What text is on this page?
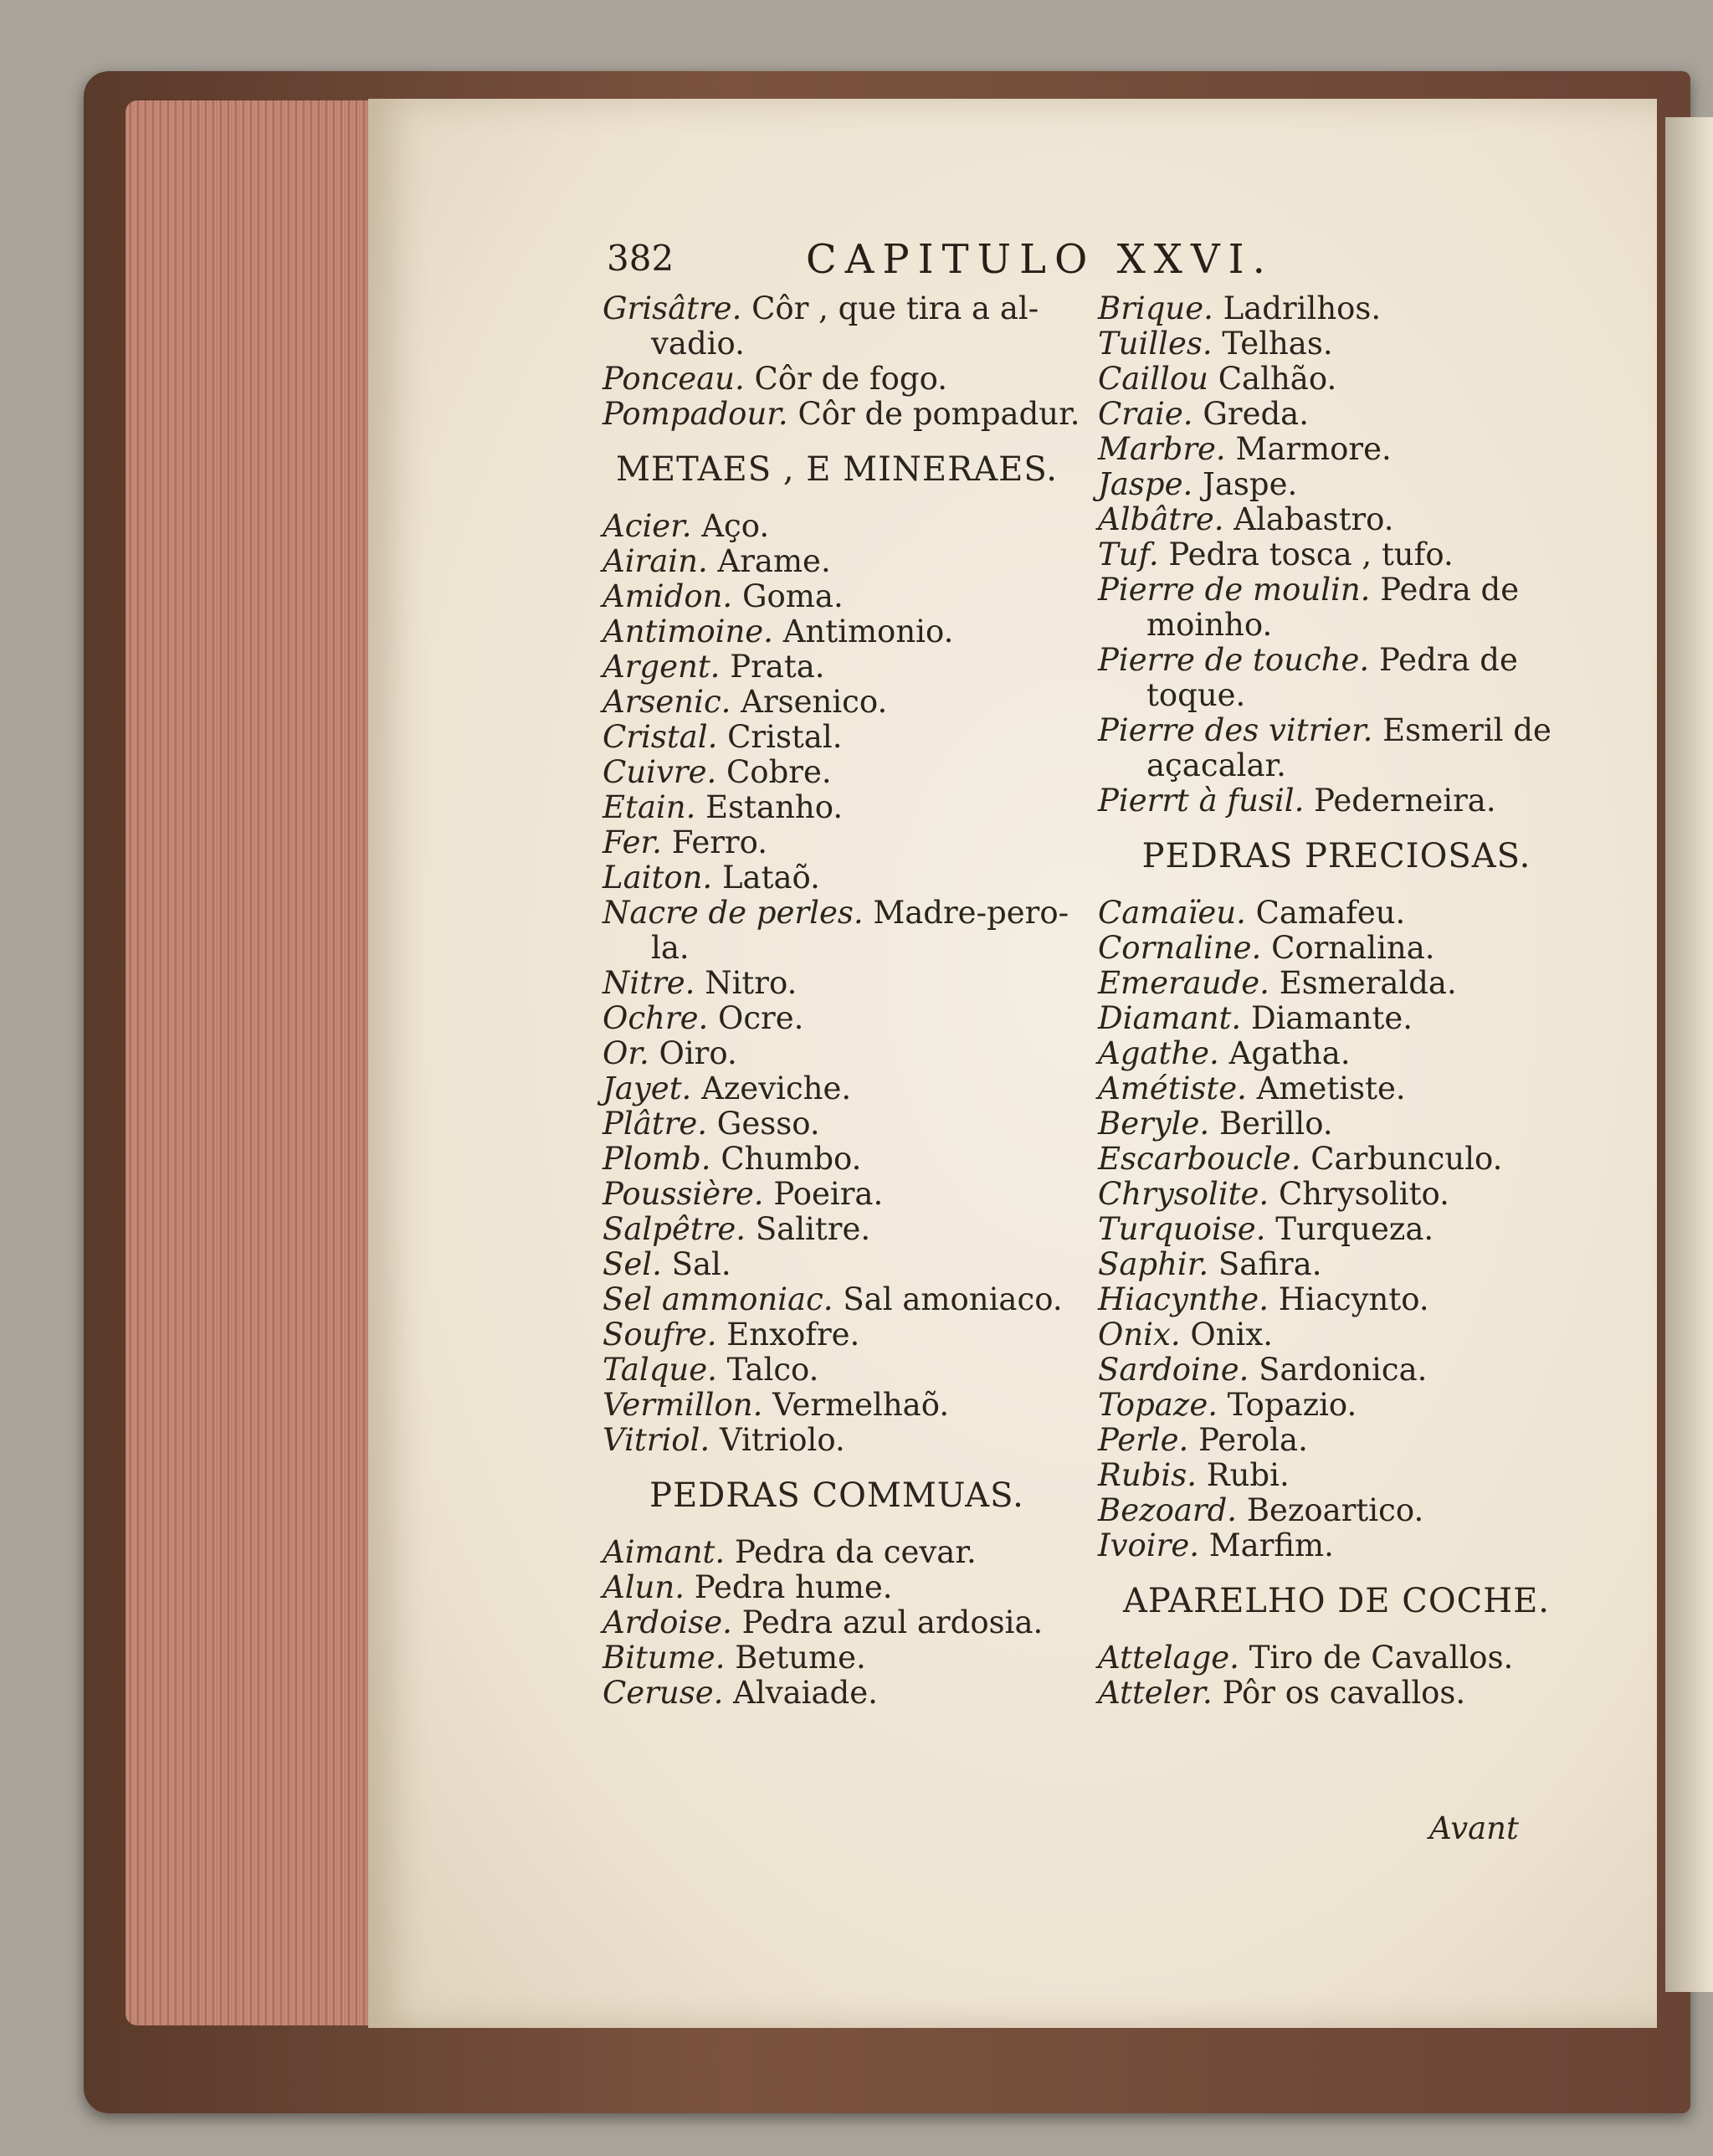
382	CAPITULO XXVI.
Grisâtre. Côr , que tira a al-
vadio.
Ponceau. Côr de fogo.
Pompadour. Côr de pompadur.
METAES , E MINERAES.
Acier. Aço.
Airain. Arame.
Amidon. Goma.
Antimoine. Antimonio.
Argent. Prata.
Arsenic. Arsenico.
Cristal. Cristal.
Cuivre. Cobre.
Etain. Estanho.
Fer. Ferro.
Laiton. Lataõ.
Nacre de perles. Madre-pero-
la.
Nitre. Nitro.
Ochre. Ocre.
Or. Oiro.
Jayet. Azeviche.
Plâtre. Gesso.
Plomb. Chumbo.
Poussière. Poeira.
Salpêtre. Salitre.
Sel. Sal.
Sel ammoniac. Sal amoniaco.
Soufre. Enxofre.
Talque. Talco.
Vermillon. Vermelhaõ.
Vitriol. Vitriolo.
PEDRAS COMMUAS.
Aimant. Pedra da cevar.
Alun. Pedra hume.
Ardoise. Pedra azul ardosia.
Bitume. Betume.
Ceruse. Alvaiade.
Brique. Ladrilhos.
Tuilles. Telhas.
Caillou Calhão.
Craie. Greda.
Marbre. Marmore.
Jaspe. Jaspe.
Albâtre. Alabastro.
Tuf. Pedra tosca , tufo.
Pierre de moulin. Pedra de
moinho.
Pierre de touche. Pedra de
toque.
Pierre des vitrier. Esmeril de
açacalar.
Pierrt à fusil. Pederneira.
PEDRAS PRECIOSAS.
Camaïeu. Camafeu.
Cornaline. Cornalina.
Emeraude. Esmeralda.
Diamant. Diamante.
Agathe. Agatha.
Amétiste. Ametiste.
Beryle. Berillo.
Escarboucle. Carbunculo.
Chrysolite. Chrysolito.
Turquoise. Turqueza.
Saphir. Safira.
Hiacynthe. Hiacynto.
Onix. Onix.
Sardoine. Sardonica.
Topaze. Topazio.
Perle. Perola.
Rubis. Rubi.
Bezoard. Bezoartico.
Ivoire. Marfim.
APARELHO DE COCHE.
Attelage. Tiro de Cavallos.
Atteler. Pôr os cavallos.
Avant
